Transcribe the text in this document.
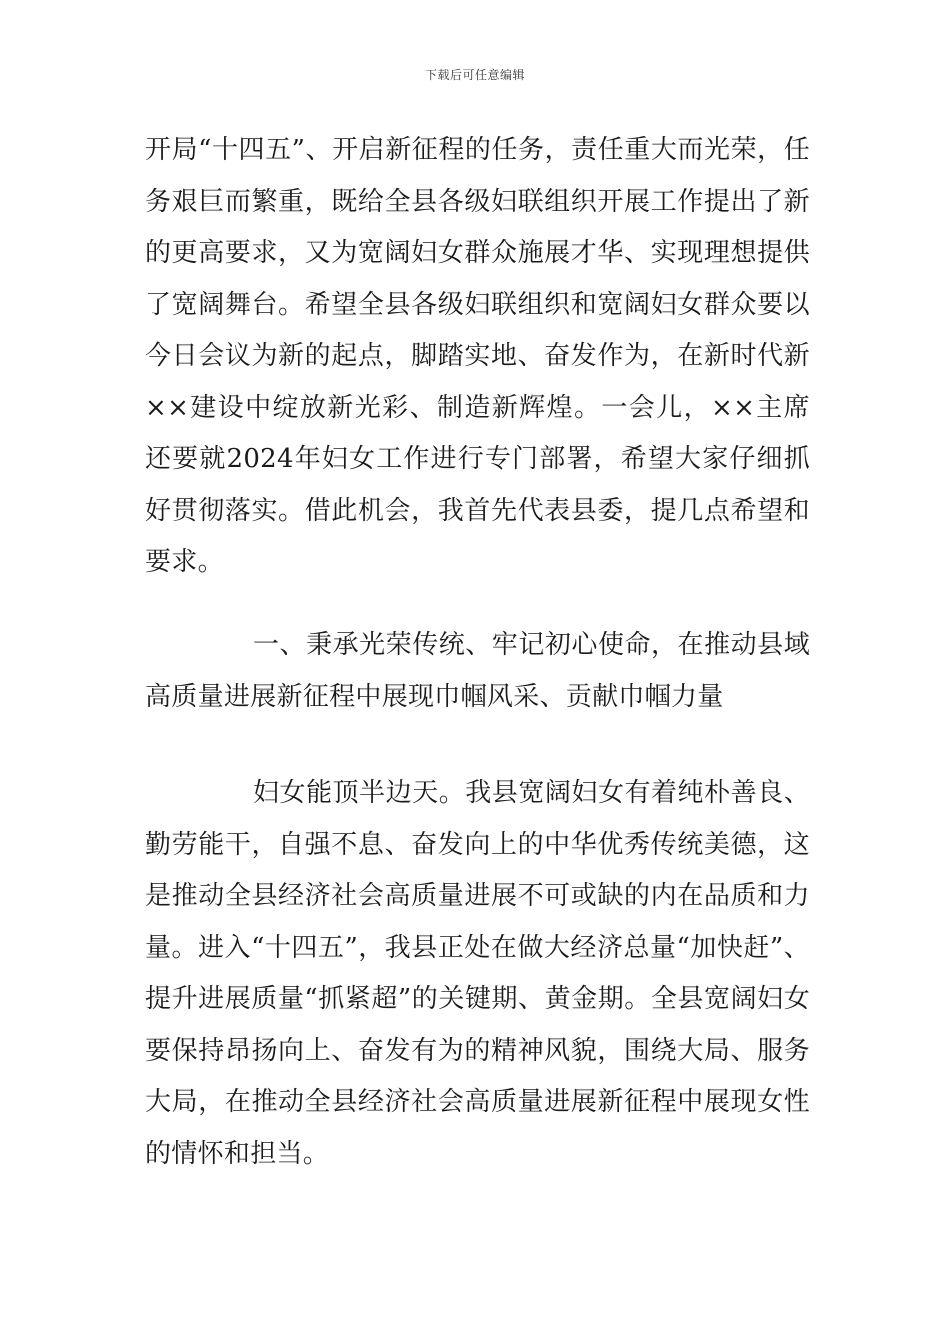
下载后可任意编辑

开局“十四五”、开启新征程的任务，责任重大而光荣，任务艰巨而繁重，既给全县各级妇联组织开展工作提出了新的更高要求，又为宽阔妇女群众施展才华、实现理想提供了宽阔舞台。希望全县各级妇联组织和宽阔妇女群众要以今日会议为新的起点，脚踏实地、奋发作为，在新时代新××建设中绽放新光彩、制造新辉煌。一会儿，××主席还要就2024年妇女工作进行专门部署，希望大家仔细抓好贯彻落实。借此机会，我首先代表县委，提几点希望和要求。

一、秉承光荣传统、牢记初心使命，在推动县域高质量进展新征程中展现巾帼风采、贡献巾帼力量

妇女能顶半边天。我县宽阔妇女有着纯朴善良、勤劳能干，自强不息、奋发向上的中华优秀传统美德，这是推动全县经济社会高质量进展不可或缺的内在品质和力量。进入“十四五”，我县正处在做大经济总量“加快赶”、提升进展质量“抓紧超”的关键期、黄金期。全县宽阔妇女要保持昂扬向上、奋发有为的精神风貌，围绕大局、服务大局，在推动全县经济社会高质量进展新征程中展现女性的情怀和担当。
